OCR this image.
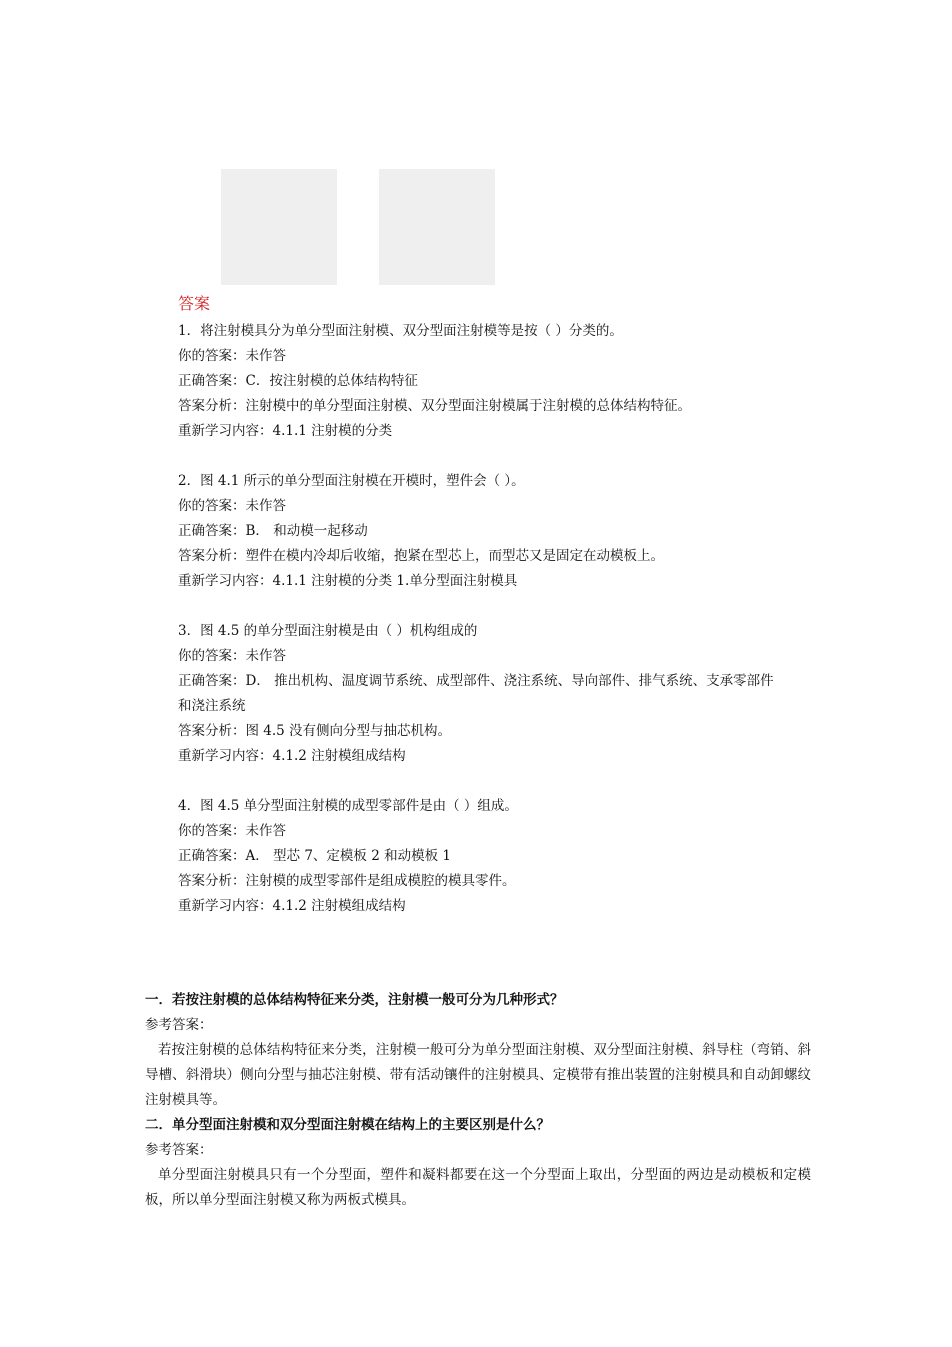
答案

1．将注射模具分为单分型面注射模、双分型面注射模等是按（ ）分类的。

你的答案：未作答

正确答案：C．按注射模的总体结构特征

答案分析：注射模中的单分型面注射模、双分型面注射模属于注射模的总体结构特征。

重新学习内容：4.1.1 注射模的分类

2．图 4.1 所示的单分型面注射模在开模时，塑件会（ ）。

你的答案：未作答

正确答案：B． 和动模一起移动

答案分析：塑件在模内冷却后收缩，抱紧在型芯上，而型芯又是固定在动模板上。

重新学习内容：4.1.1 注射模的分类 1.单分型面注射模具

3．图 4.5 的单分型面注射模是由（ ）机构组成的

你的答案：未作答

正确答案：D． 推出机构、温度调节系统、成型部件、浇注系统、导向部件、排气系统、支承零部件和浇注系统

答案分析：图 4.5 没有侧向分型与抽芯机构。

重新学习内容：4.1.2 注射模组成结构

4．图 4.5 单分型面注射模的成型零部件是由（ ）组成。

你的答案：未作答

正确答案：A． 型芯 7、定模板 2 和动模板 1

答案分析：注射模的成型零部件是组成模腔的模具零件。

重新学习内容：4.1.2 注射模组成结构

一．若按注射模的总体结构特征来分类，注射模一般可分为几种形式？

参考答案：

若按注射模的总体结构特征来分类，注射模一般可分为单分型面注射模、双分型面注射模、斜导柱（弯销、斜导槽、斜滑块）侧向分型与抽芯注射模、带有活动镶件的注射模具、定模带有推出装置的注射模具和自动卸螺纹注射模具等。

二．单分型面注射模和双分型面注射模在结构上的主要区别是什么？

参考答案：

单分型面注射模具只有一个分型面，塑件和凝料都要在这一个分型面上取出，分型面的两边是动模板和定模板，所以单分型面注射模又称为两板式模具。
